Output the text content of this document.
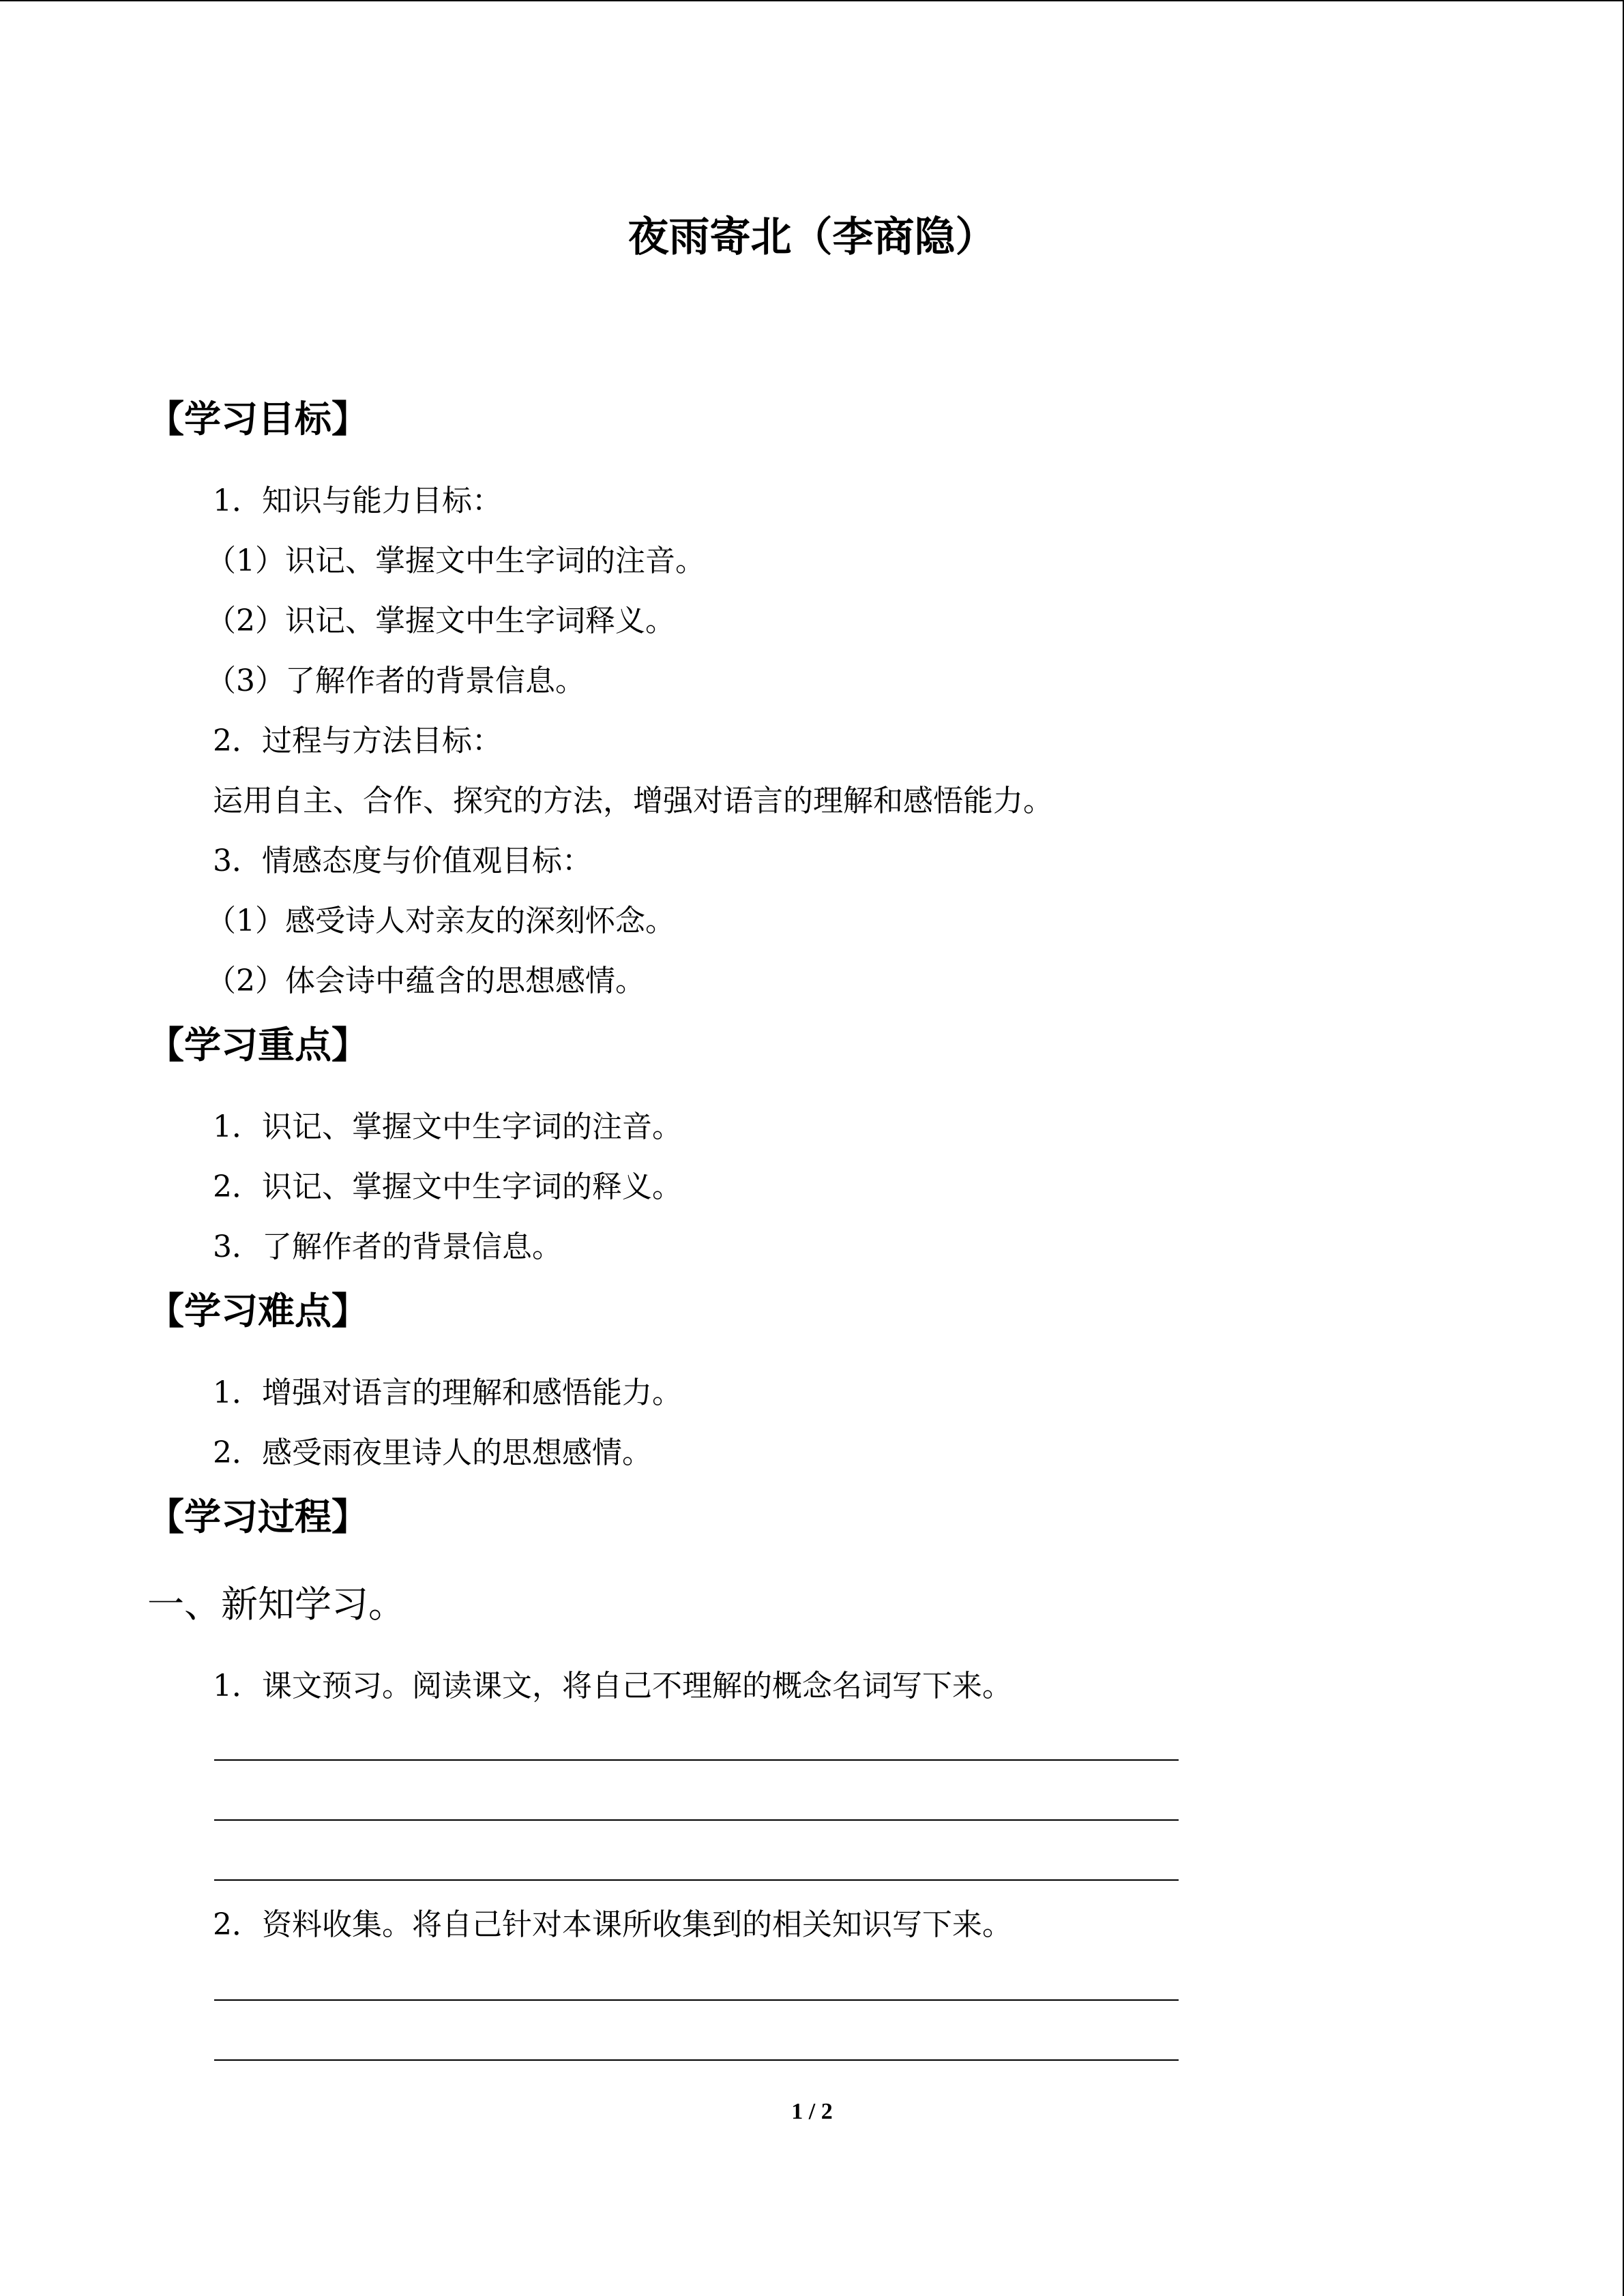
夜雨寄北（李商隐）
【学习目标】
1．知识与能力目标：
（1）识记、掌握文中生字词的注音。
（2）识记、掌握文中生字词释义。
（3）了解作者的背景信息。
2．过程与方法目标：
运用自主、合作、探究的方法，增强对语言的理解和感悟能力。
3．情感态度与价值观目标：
（1）感受诗人对亲友的深刻怀念。
（2）体会诗中蕴含的思想感情。
【学习重点】
1．识记、掌握文中生字词的注音。
2．识记、掌握文中生字词的释义。
3．了解作者的背景信息。
【学习难点】
1．增强对语言的理解和感悟能力。
2．感受雨夜里诗人的思想感情。
【学习过程】
一、新知学习。
1．课文预习。阅读课文，将自己不理解的概念名词写下来。
2．资料收集。将自己针对本课所收集到的相关知识写下来。
1 / 2
